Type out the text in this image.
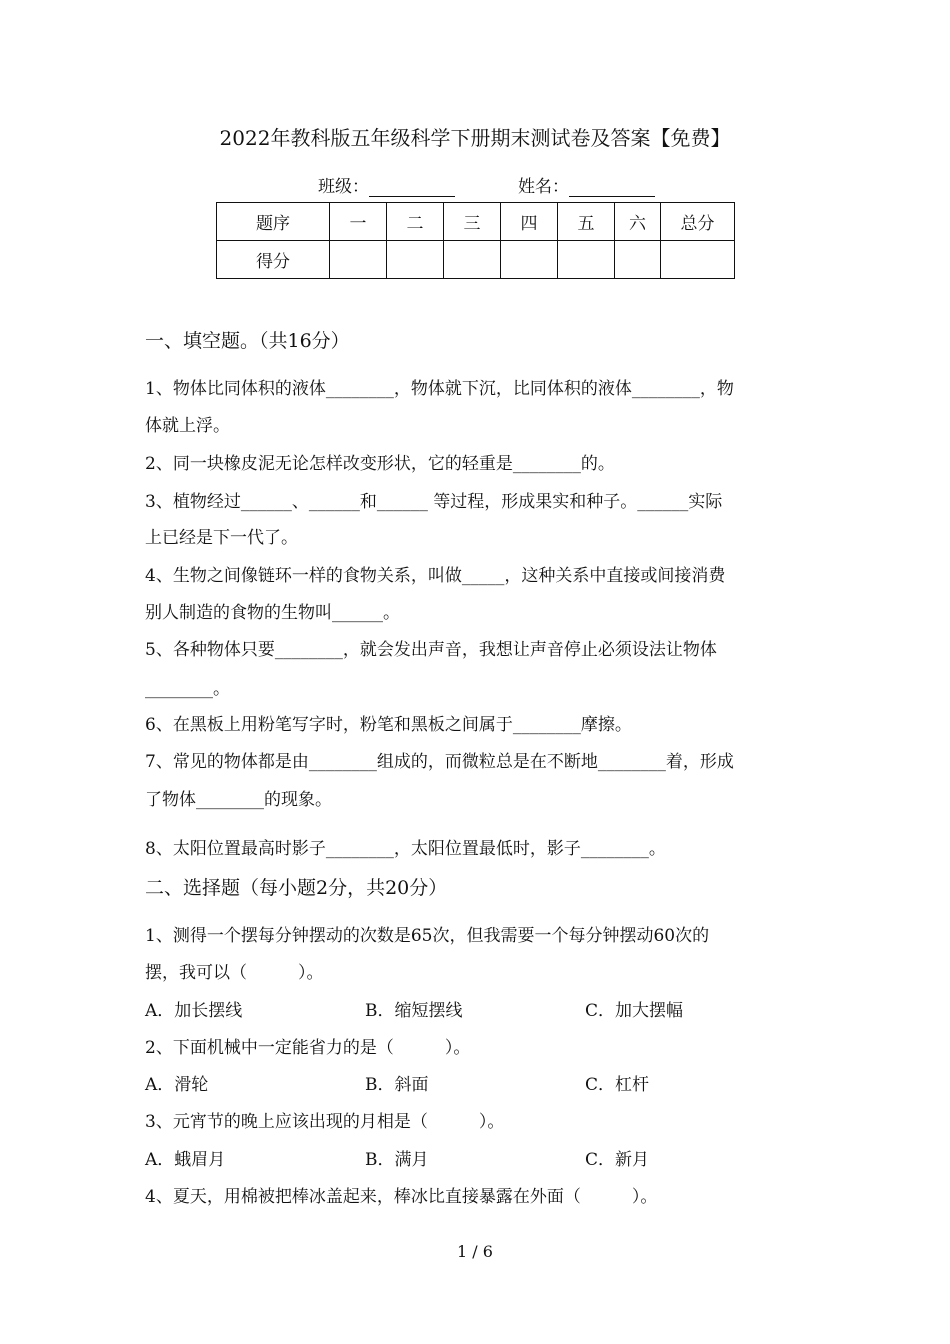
2022年教科版五年级科学下册期末测试卷及答案【免费】
班级：	姓名：
题序	一	二	三	四	五	六	总分
得分							
一、填空题。（共16分）
1、物体比同体积的液体________，物体就下沉，比同体积的液体________，物
体就上浮。
2、同一块橡皮泥无论怎样改变形状，它的轻重是________的。
3、植物经过______、______和______ 等过程，形成果实和种子。______实际
上已经是下一代了。
4、生物之间像链环一样的食物关系，叫做_____，这种关系中直接或间接消费
别人制造的食物的生物叫______。
5、各种物体只要________，就会发出声音，我想让声音停止必须设法让物体
________。
6、在黑板上用粉笔写字时，粉笔和黑板之间属于________摩擦。
7、常见的物体都是由________组成的，而微粒总是在不断地________着，形成
了物体________的现象。
8、太阳位置最高时影子________，太阳位置最低时，影子________。
二、选择题（每小题2分，共20分）
1、测得一个摆每分钟摆动的次数是65次，但我需要一个每分钟摆动60次的
摆，我可以（　　　）。
A．加长摆线	B．缩短摆线	C．加大摆幅
2、下面机械中一定能省力的是（　　　）。
A．滑轮	B．斜面	C．杠杆
3、元宵节的晚上应该出现的月相是（　　　）。
A．蛾眉月	B．满月	C．新月
4、夏天，用棉被把棒冰盖起来，棒冰比直接暴露在外面（　　　）。
1 / 6
